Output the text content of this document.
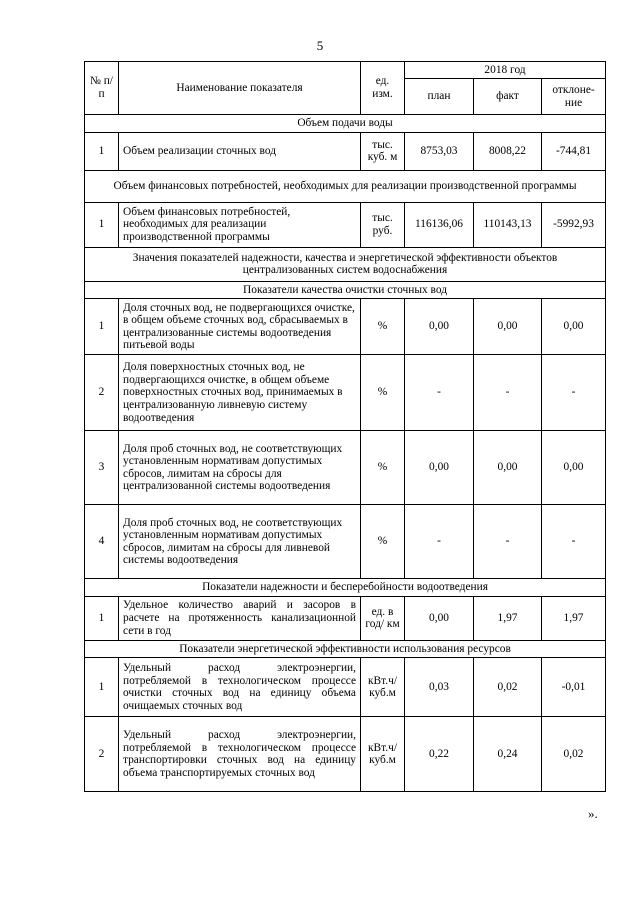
5
№ п/п	Наименование показателя	ед. изм.	2018 год		
			план	факт	отклоне-ние
Объем подачи воды					
1	Объем реализации сточных вод	тыс. куб. м	8753,03	8008,22	-744,81
Объем финансовых потребностей, необходимых для реализации производственной программы					
1	Объем финансовых потребностей, необходимых для реализации производственной программы	тыс. руб.	116136,06	110143,13	-5992,93
Значения показателей надежности, качества и энергетической эффективности объектов централизованных систем водоснабжения					
Показатели качества очистки сточных вод					
1	Доля сточных вод, не подвергающихся очистке, в общем объеме сточных вод, сбрасываемых в централизованные системы водоотведения питьевой воды	%	0,00	0,00	0,00
2	Доля поверхностных сточных вод, не подвергающихся очистке, в общем объеме поверхностных сточных вод, принимаемых в централизованную ливневую систему водоотведения	%	-	-	-
3	Доля проб сточных вод, не соответствующих установленным нормативам допустимых сбросов, лимитам на сбросы для централизованной системы водоотведения	%	0,00	0,00	0,00
4	Доля проб сточных вод, не соответствующих установленным нормативам допустимых сбросов, лимитам на сбросы для ливневой системы водоотведения	%	-	-	-
Показатели надежности и бесперебойности водоотведения					
1	Удельное количество аварий и засоров в расчете на протяженность канализационной сети в год	ед. в год/ км	0,00	1,97	1,97
Показатели энергетической эффективности использования ресурсов					
1	Удельный расход электроэнергии, потребляемой в технологическом процессе очистки сточных вод на единицу объема очищаемых сточных вод	кВт.ч/ куб.м	0,03	0,02	-0,01
2	Удельный расход электроэнергии, потребляемой в технологическом процессе транспортировки сточных вод на единицу объема транспортируемых сточных вод	кВт.ч/ куб.м	0,22	0,24	0,02
».
